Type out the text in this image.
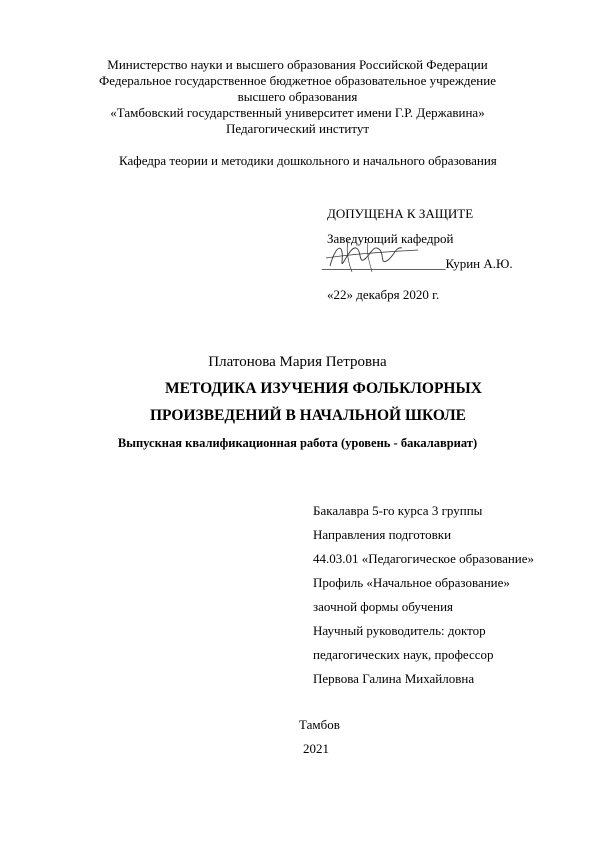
Министерство науки и высшего образования Российской Федерации
Федеральное государственное бюджетное образовательное учреждение
высшего образования
«Тамбовский государственный университет имени Г.Р. Державина»
Педагогический институт
Кафедра теории и методики дошкольного и начального образования
ДОПУЩЕНА К ЗАЩИТЕ
Заведующий кафедрой
___________________Курин А.Ю.
«22» декабря 2020 г.
Платонова Мария Петровна
МЕТОДИКА ИЗУЧЕНИЯ ФОЛЬКЛОРНЫХ
ПРОИЗВЕДЕНИЙ В НАЧАЛЬНОЙ ШКОЛЕ
Выпускная квалификационная работа (уровень - бакалавриат)
Бакалавра 5-го курса 3 группы
Направления подготовки
44.03.01 «Педагогическое образование»
Профиль «Начальное образование»
заочной формы обучения
Научный руководитель: доктор
педагогических наук, профессор
Первова Галина Михайловна
Тамбов
2021
